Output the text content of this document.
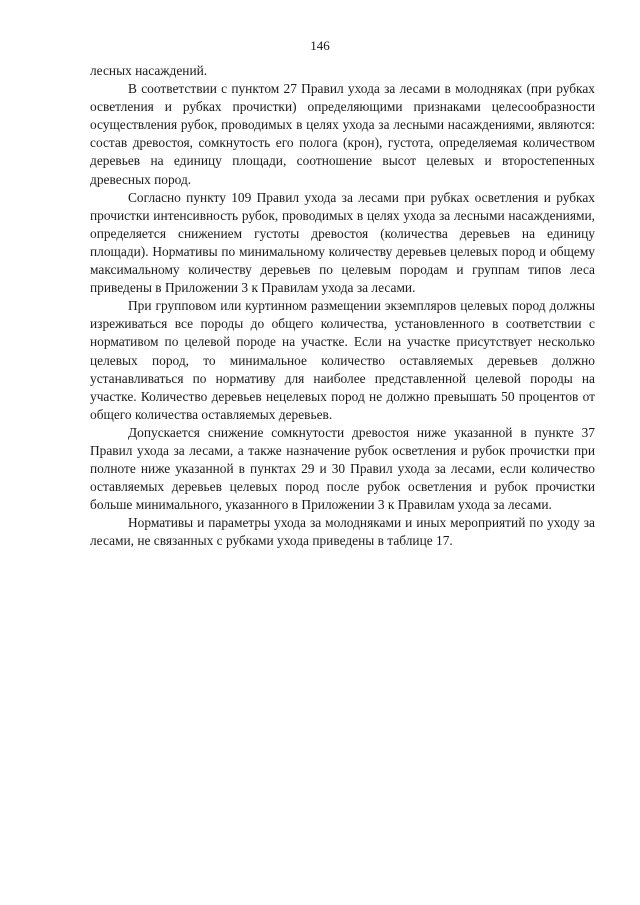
146

лесных насаждений.

В соответствии с пунктом 27 Правил ухода за лесами в молодняках (при рубках осветления и рубках прочистки) определяющими признаками целесообразности осуществления рубок, проводимых в целях ухода за лесными насаждениями, являются: состав древостоя, сомкнутость его полога (крон), густота, определяемая количеством деревьев на единицу площади, соотношение высот целевых и второстепенных древесных пород.

Согласно пункту 109 Правил ухода за лесами при рубках осветления и рубках прочистки интенсивность рубок, проводимых в целях ухода за лесными насаждениями, определяется снижением густоты древостоя (количества деревьев на единицу площади). Нормативы по минимальному количеству деревьев целевых пород и общему максимальному количеству деревьев по целевым породам и группам типов леса приведены в Приложении 3 к Правилам ухода за лесами.

При групповом или куртинном размещении экземпляров целевых пород должны изреживаться все породы до общего количества, установленного в соответствии с нормативом по целевой породе на участке. Если на участке присутствует несколько целевых пород, то минимальное количество оставляемых деревьев должно устанавливаться по нормативу для наиболее представленной целевой породы на участке. Количество деревьев нецелевых пород не должно превышать 50 процентов от общего количества оставляемых деревьев.

Допускается снижение сомкнутости древостоя ниже указанной в пункте 37 Правил ухода за лесами, а также назначение рубок осветления и рубок прочистки при полноте ниже указанной в пунктах 29 и 30 Правил ухода за лесами, если количество оставляемых деревьев целевых пород после рубок осветления и рубок прочистки больше минимального, указанного в Приложении 3 к Правилам ухода за лесами.

Нормативы и параметры ухода за молодняками и иных мероприятий по уходу за лесами, не связанных с рубками ухода приведены в таблице 17.
